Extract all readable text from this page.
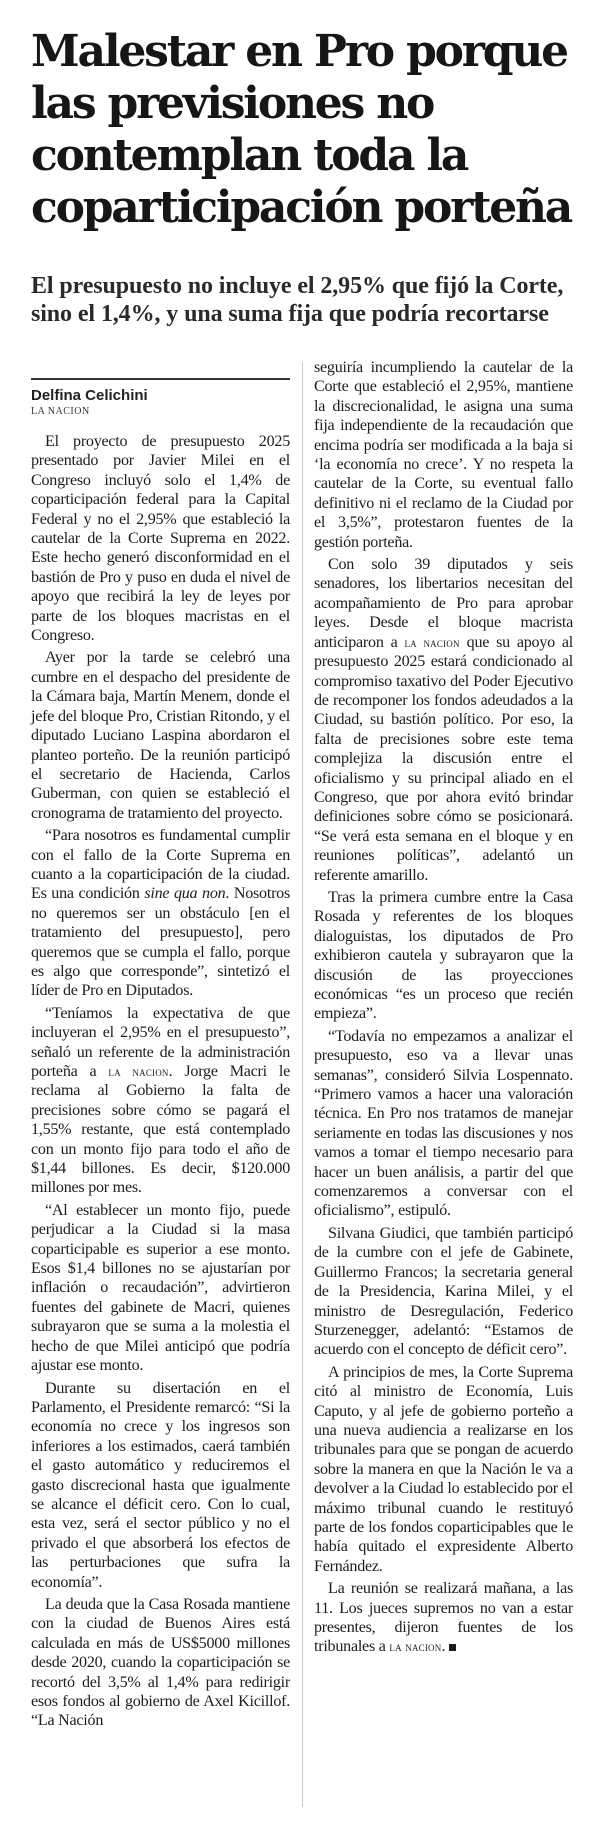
Malestar en Pro porque las previsiones no contemplan toda la coparticipación porteña
El presupuesto no incluye el 2,95% que fijó la Corte, sino el 1,4%, y una suma fija que podría recortarse
Delfina Celichini
LA NACION

El proyecto de presupuesto 2025 presentado por Javier Milei en el Congreso incluyó solo el 1,4% de coparticipación federal para la Capital Federal y no el 2,95% que estableció la cautelar de la Corte Suprema en 2022. Este hecho generó disconformidad en el bastión de Pro y puso en duda el nivel de apoyo que recibirá la ley de leyes por parte de los bloques macristas en el Congreso.

Ayer por la tarde se celebró una cumbre en el despacho del presidente de la Cámara baja, Martín Menem, donde el jefe del bloque Pro, Cristian Ritondo, y el diputado Luciano Laspina abordaron el planteo porteño. De la reunión participó el secretario de Hacienda, Carlos Guberman, con quien se estableció el cronograma de tratamiento del proyecto.

“Para nosotros es fundamental cumplir con el fallo de la Corte Suprema en cuanto a la coparticipación de la ciudad. Es una condición sine qua non. Nosotros no queremos ser un obstáculo [en el tratamiento del presupuesto], pero queremos que se cumpla el fallo, porque es algo que corresponde”, sintetizó el líder de Pro en Diputados.

“Teníamos la expectativa de que incluyeran el 2,95% en el presupuesto”, señaló un referente de la administración porteña a la nacion. Jorge Macri le reclama al Gobierno la falta de precisiones sobre cómo se pagará el 1,55% restante, que está contemplado con un monto fijo para todo el año de $1,44 billones. Es decir, $120.000 millones por mes.

“Al establecer un monto fijo, puede perjudicar a la Ciudad si la masa coparticipable es superior a ese monto. Esos $1,4 billones no se ajustarían por inflación o recaudación”, advirtieron fuentes del gabinete de Macri, quienes subrayaron que se suma a la molestia el hecho de que Milei anticipó que podría ajustar ese monto.

Durante su disertación en el Parlamento, el Presidente remarcó: “Si la economía no crece y los ingresos son inferiores a los estimados, caerá también el gasto automático y reduciremos el gasto discrecional hasta que igualmente se alcance el déficit cero. Con lo cual, esta vez, será el sector público y no el privado el que absorberá los efectos de las perturbaciones que sufra la economía”.

La deuda que la Casa Rosada mantiene con la ciudad de Buenos Aires está calculada en más de US$5000 millones desde 2020, cuando la coparticipación se recortó del 3,5% al 1,4% para redirigir esos fondos al gobierno de Axel Kicillof. “La Nación

seguiría incumpliendo la cautelar de la Corte que estableció el 2,95%, mantiene la discrecionalidad, le asigna una suma fija independiente de la recaudación que encima podría ser modificada a la baja si ‘la economía no crece’. Y no respeta la cautelar de la Corte, su eventual fallo definitivo ni el reclamo de la Ciudad por el 3,5%”, protestaron fuentes de la gestión porteña.

Con solo 39 diputados y seis senadores, los libertarios necesitan del acompañamiento de Pro para aprobar leyes. Desde el bloque macrista anticiparon a la nacion que su apoyo al presupuesto 2025 estará condicionado al compromiso taxativo del Poder Ejecutivo de recomponer los fondos adeudados a la Ciudad, su bastión político. Por eso, la falta de precisiones sobre este tema complejiza la discusión entre el oficialismo y su principal aliado en el Congreso, que por ahora evitó brindar definiciones sobre cómo se posicionará. “Se verá esta semana en el bloque y en reuniones políticas”, adelantó un referente amarillo.

Tras la primera cumbre entre la Casa Rosada y referentes de los bloques dialoguistas, los diputados de Pro exhibieron cautela y subrayaron que la discusión de las proyecciones económicas “es un proceso que recién empieza”.

“Todavía no empezamos a analizar el presupuesto, eso va a llevar unas semanas”, consideró Silvia Lospennato. “Primero vamos a hacer una valoración técnica. En Pro nos tratamos de manejar seriamente en todas las discusiones y nos vamos a tomar el tiempo necesario para hacer un buen análisis, a partir del que comenzaremos a conversar con el oficialismo”, estipuló.

Silvana Giudici, que también participó de la cumbre con el jefe de Gabinete, Guillermo Francos; la secretaria general de la Presidencia, Karina Milei, y el ministro de Desregulación, Federico Sturzenegger, adelantó: “Estamos de acuerdo con el concepto de déficit cero”.

A principios de mes, la Corte Suprema citó al ministro de Economía, Luis Caputo, y al jefe de gobierno porteño a una nueva audiencia a realizarse en los tribunales para que se pongan de acuerdo sobre la manera en que la Nación le va a devolver a la Ciudad lo establecido por el máximo tribunal cuando le restituyó parte de los fondos coparticipables que le había quitado el expresidente Alberto Fernández.

La reunión se realizará mañana, a las 11. Los jueces supremos no van a estar presentes, dijeron fuentes de los tribunales a la nacion.
